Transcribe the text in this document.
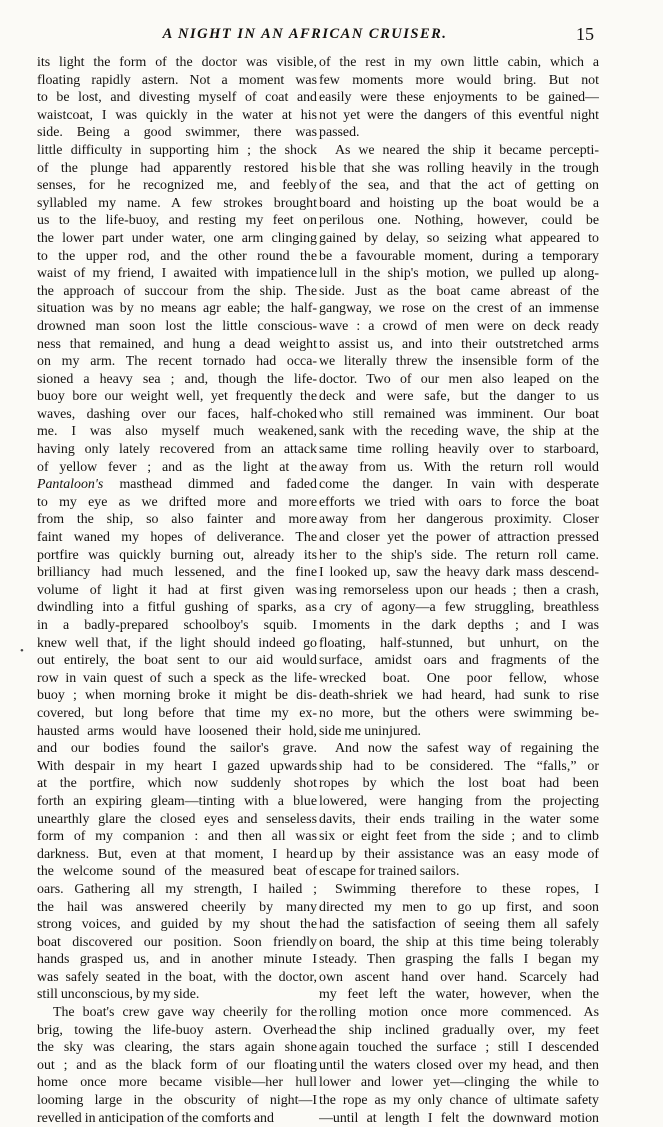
A NIGHT IN AN AFRICAN CRUISER.	15
its light the form of the doctor was visible,
floating rapidly astern. Not a moment was
to be lost, and divesting myself of coat and
waistcoat, I was quickly in the water at his
side. Being a good swimmer, there was
little difficulty in supporting him ; the shock
of the plunge had apparently restored his
senses, for he recognized me, and feebly
syllabled my name. A few strokes brought
us to the life-buoy, and resting my feet on
the lower part under water, one arm clinging
to the upper rod, and the other round the
waist of my friend, I awaited with impatience
the approach of succour from the ship. The
situation was by no means agr eable; the half-
drowned man soon lost the little conscious-
ness that remained, and hung a dead weight
on my arm. The recent tornado had occa-
sioned a heavy sea ; and, though the life-
buoy bore our weight well, yet frequently the
waves, dashing over our faces, half-choked
me. I was also myself much weakened,
having only lately recovered from an attack
of yellow fever ; and as the light at the
Pantaloon's masthead dimmed and faded
to my eye as we drifted more and more
from the ship, so also fainter and more
faint waned my hopes of deliverance. The
portfire was quickly burning out, already its
brilliancy had much lessened, and the fine
volume of light it had at first given was
dwindling into a fitful gushing of sparks, as
in a badly-prepared schoolboy's squib. I
knew well that, if the light should indeed go
out entirely, the boat sent to our aid would
row in vain quest of such a speck as the life-
buoy ; when morning broke it might be dis-
covered, but long before that time my ex-
hausted arms would have loosened their hold,
and our bodies found the sailor's grave.
With despair in my heart I gazed upwards
at the portfire, which now suddenly shot
forth an expiring gleam—tinting with a blue
unearthly glare the closed eyes and senseless
form of my companion : and then all was
darkness. But, even at that moment, I heard
the welcome sound of the measured beat of
oars. Gathering all my strength, I hailed ;
the hail was answered cheerily by many
strong voices, and guided by my shout the
boat discovered our position. Soon friendly
hands grasped us, and in another minute I
was safely seated in the boat, with the doctor,
still unconscious, by my side.
The boat's crew gave way cheerily for the
brig, towing the life-buoy astern. Overhead
the sky was clearing, the stars again shone
out ; and as the black form of our floating
home once more became visible—her hull
looming large in the obscurity of night—I
revelled in anticipation of the comforts and
of the rest in my own little cabin, which a
few moments more would bring. But not
easily were these enjoyments to be gained—
not yet were the dangers of this eventful night
passed.
As we neared the ship it became percepti-
ble that she was rolling heavily in the trough
of the sea, and that the act of getting on
board and hoisting up the boat would be a
perilous one. Nothing, however, could be
gained by delay, so seizing what appeared to
be a favourable moment, during a temporary
lull in the ship's motion, we pulled up along-
side. Just as the boat came abreast of the
gangway, we rose on the crest of an immense
wave : a crowd of men were on deck ready
to assist us, and into their outstretched arms
we literally threw the insensible form of the
doctor. Two of our men also leaped on the
deck and were safe, but the danger to us
who still remained was imminent. Our boat
sank with the receding wave, the ship at the
same time rolling heavily over to starboard,
away from us. With the return roll would
come the danger. In vain with desperate
efforts we tried with oars to force the boat
away from her dangerous proximity. Closer
and closer yet the power of attraction pressed
her to the ship's side. The return roll came.
I looked up, saw the heavy dark mass descend-
ing remorseless upon our heads ; then a crash,
a cry of agony—a few struggling, breathless
moments in the dark depths ; and I was
floating, half-stunned, but unhurt, on the
surface, amidst oars and fragments of the
wrecked boat. One poor fellow, whose
death-shriek we had heard, had sunk to rise
no more, but the others were swimming be-
side me uninjured.
And now the safest way of regaining the
ship had to be considered. The “falls,” or
ropes by which the lost boat had been
lowered, were hanging from the projecting
davits, their ends trailing in the water some
six or eight feet from the side ; and to climb
up by their assistance was an easy mode of
escape for trained sailors.
Swimming therefore to these ropes, I
directed my men to go up first, and soon
had the satisfaction of seeing them all safely
on board, the ship at this time being tolerably
steady. Then grasping the falls I began my
own ascent hand over hand. Scarcely had
my feet left the water, however, when the
rolling motion once more commenced. As
the ship inclined gradually over, my feet
again touched the surface ; still I descended
until the waters closed over my head, and then
lower and lower yet—clinging the while to
the rope as my only chance of ultimate safety
—until at length I felt the downward motion
•
